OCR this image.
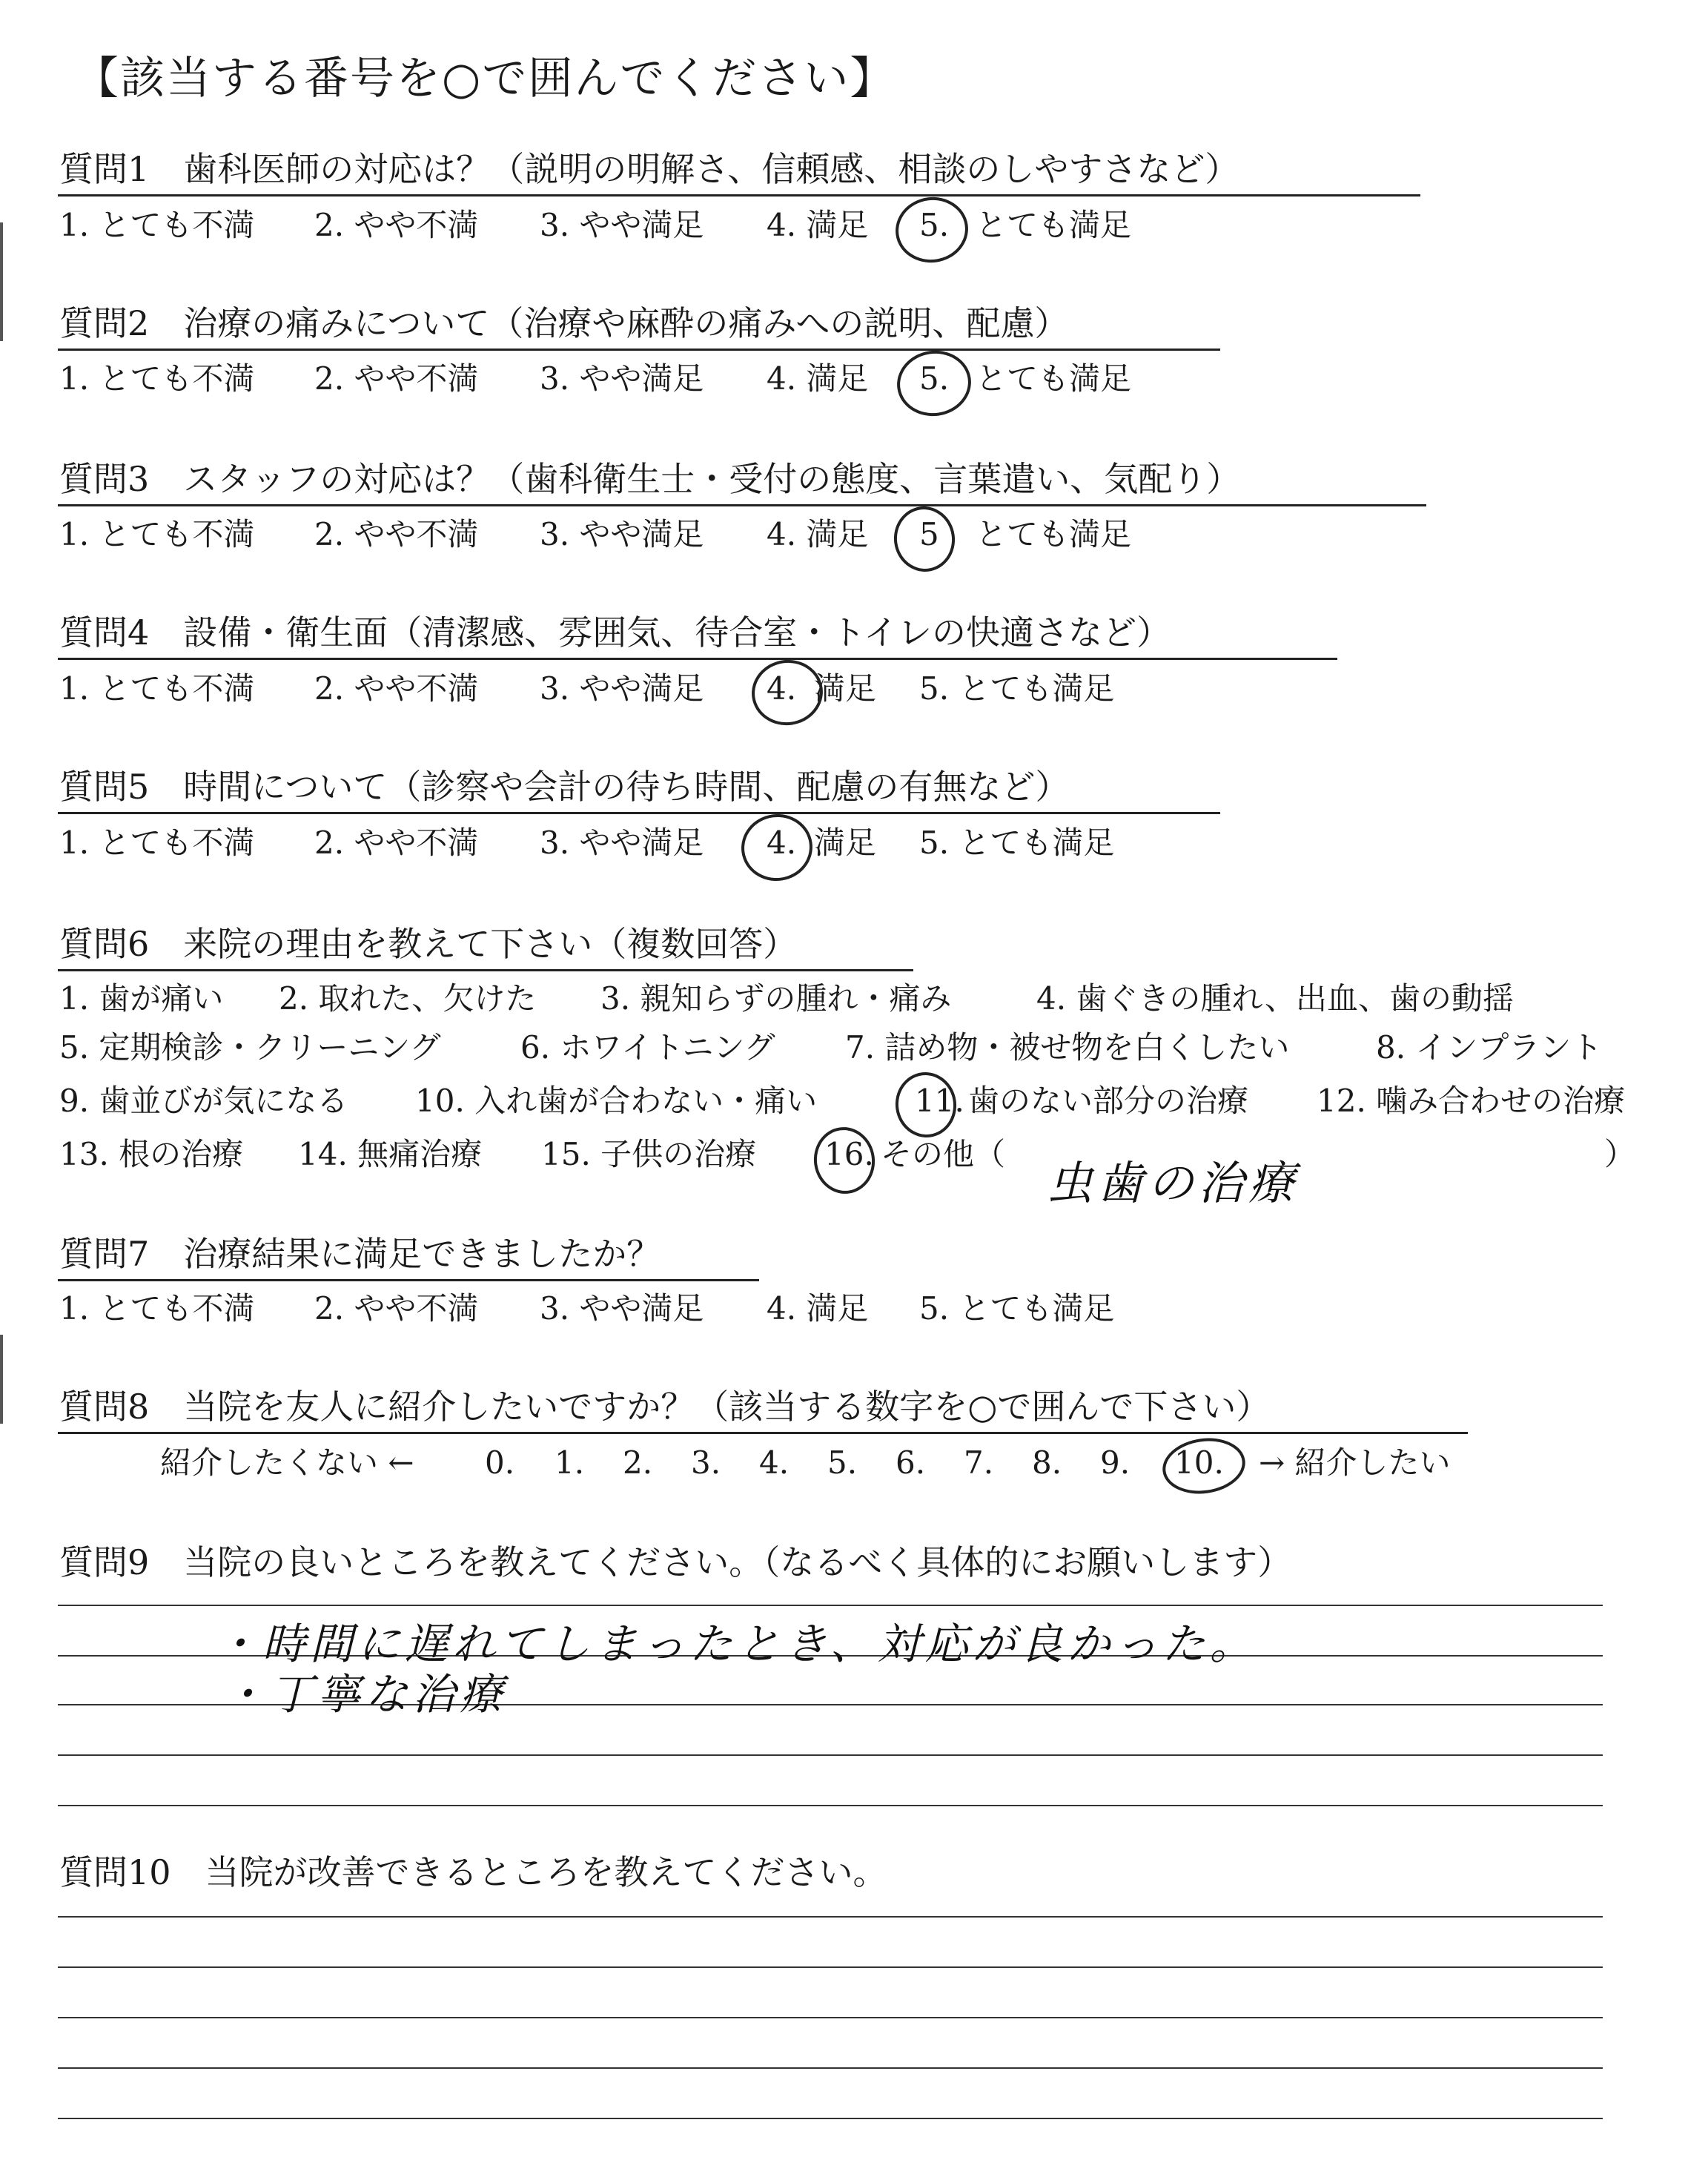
【該当する番号を○で囲んでください】
質問1　歯科医師の対応は？（説明の明解さ、信頼感、相談のしやすさなど）
1. とても不満 2. やや不満 3. やや満足 4. 満足 5. とても満足
質問2　治療の痛みについて（治療や麻酔の痛みへの説明、配慮）
1. とても不満 2. やや不満 3. やや満足 4. 満足 5. とても満足
質問3　スタッフの対応は？（歯科衛生士・受付の態度、言葉遣い、気配り）
1. とても不満 2. やや不満 3. やや満足 4. 満足 5 とても満足
質問4　設備・衛生面（清潔感、雰囲気、待合室・トイレの快適さなど）
1. とても不満 2. やや不満 3. やや満足 4. 満足 5. とても満足
質問5　時間について（診察や会計の待ち時間、配慮の有無など）
1. とても不満 2. やや不満 3. やや満足 4. 満足 5. とても満足
質問6　来院の理由を教えて下さい（複数回答）
1. 歯が痛い 2. 取れた、欠けた 3. 親知らずの腫れ・痛み	4. 歯ぐきの腫れ、出血、歯の動揺
5. 定期検診・クリーニング	6. ホワイトニング 7. 詰め物・被せ物を白くしたい	8. インプラント
9. 歯並びが気になる 10. 入れ歯が合わない・痛い	11. 歯のない部分の治療 12. 噛み合わせの治療
13. 根の治療 14. 無痛治療 15. 子供の治療 16. その他（	）
虫歯の治療
質問7　治療結果に満足できましたか？
1. とても不満 2. やや不満 3. やや満足 4. 満足 5. とても満足
質問8　当院を友人に紹介したいですか？（該当する数字を○で囲んで下さい）
紹介したくない ← 0. 1. 2. 3. 4. 5. 6. 7. 8. 9. 10. → 紹介したい
質問9　当院の良いところを教えてください。（なるべく具体的にお願いします）
・時間に遅れてしまったとき、対応が良かった。
・丁寧な治療
質問10　当院が改善できるところを教えてください。
